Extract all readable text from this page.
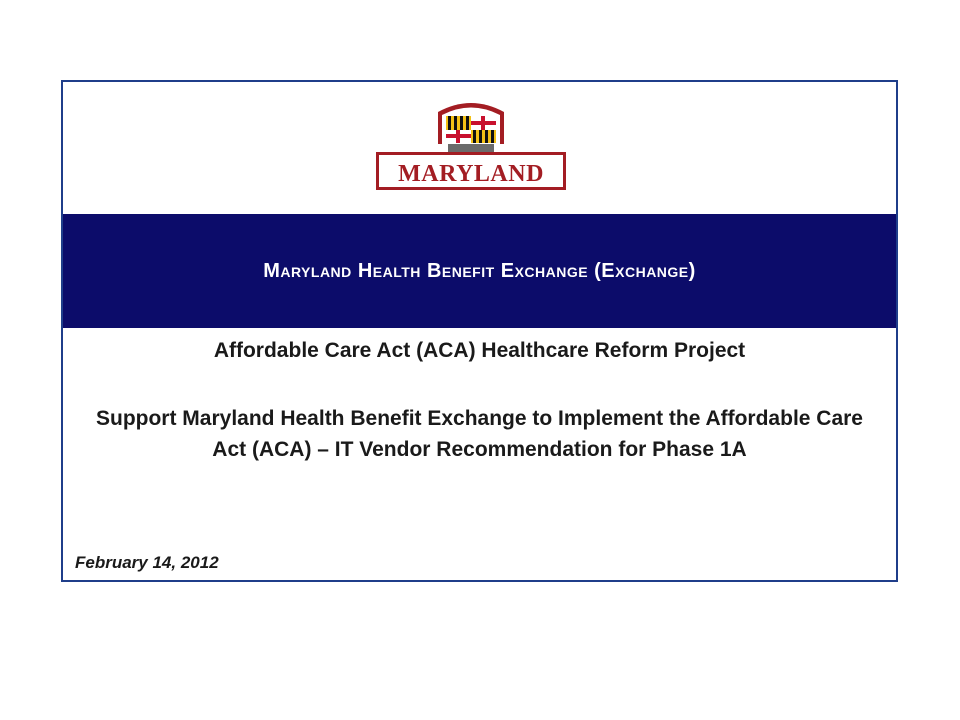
MARYLAND
Maryland Health Benefit Exchange (Exchange)
Affordable Care Act (ACA) Healthcare Reform Project
Support Maryland Health Benefit Exchange to Implement the Affordable Care Act (ACA) – IT Vendor Recommendation for Phase 1A
February 14, 2012
